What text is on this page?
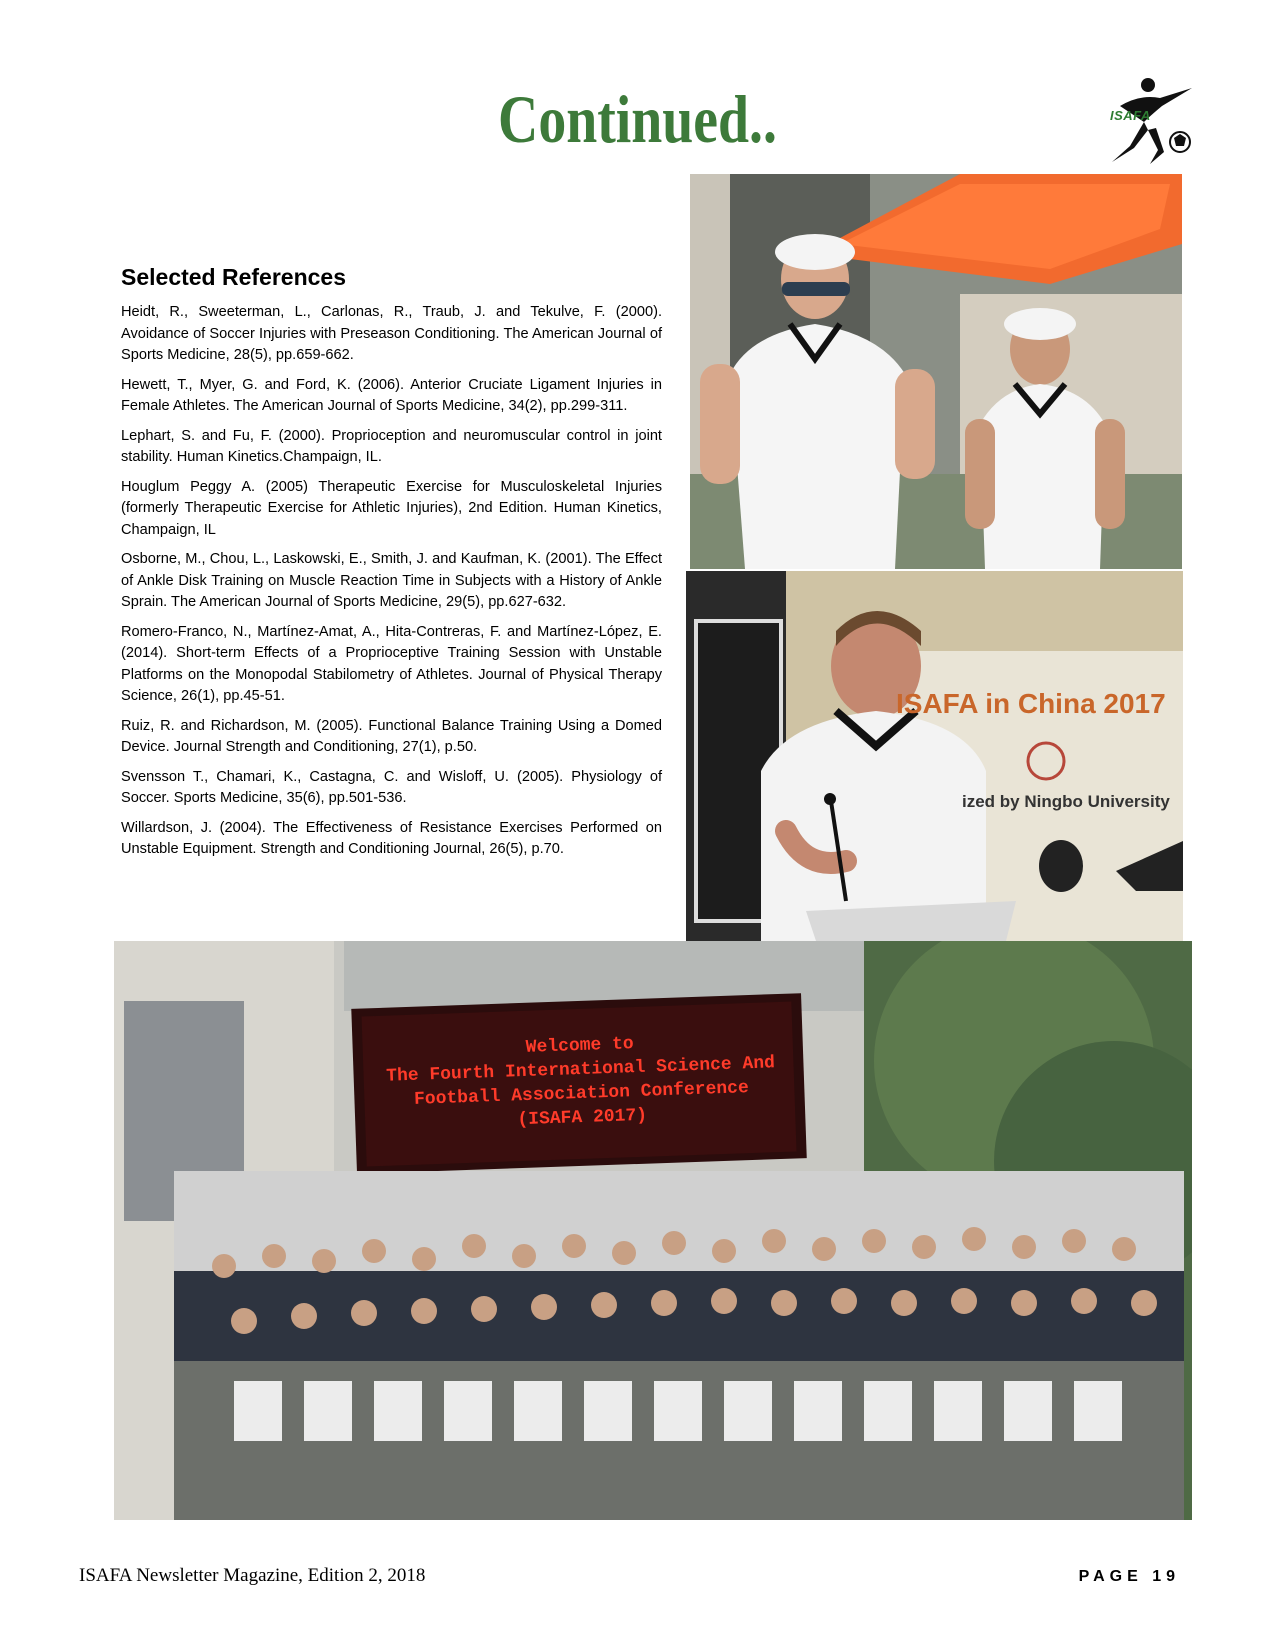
Continued..	ISAFA
Selected References

Heidt, R., Sweeterman, L., Carlonas, R., Traub, J. and Tekulve, F. (2000). Avoidance of Soccer Injuries with Preseason Conditioning. The American Journal of Sports Medicine, 28(5), pp.659-662.

Hewett, T., Myer, G. and Ford, K. (2006). Anterior Cruciate Ligament Injuries in Female Athletes. The American Journal of Sports Medicine, 34(2), pp.299-311.

Lephart, S. and Fu, F. (2000). Proprioception and neuromuscular control in joint stability. Human Kinetics.Champaign, IL.

Houglum Peggy A. (2005) Therapeutic Exercise for Musculoskeletal Injuries (formerly Therapeutic Exercise for Athletic Injuries), 2nd Edition. Human Kinetics, Champaign, IL

Osborne, M., Chou, L., Laskowski, E., Smith, J. and Kaufman, K. (2001). The Effect of Ankle Disk Training on Muscle Reaction Time in Subjects with a History of Ankle Sprain. The American Journal of Sports Medicine, 29(5), pp.627-632.

Romero-Franco, N., Martínez-Amat, A., Hita-Contreras, F. and Martínez-López, E. (2014). Short-term Effects of a Proprioceptive Training Session with Unstable Platforms on the Monopodal Stabilometry of Athletes. Journal of Physical Therapy Science, 26(1), pp.45-51.

Ruiz, R. and Richardson, M. (2005). Functional Balance Training Using a Domed Device. Journal Strength and Conditioning, 27(1), p.50.

Svensson T., Chamari, K., Castagna, C. and Wisloff, U. (2005). Physiology of Soccer. Sports Medicine, 35(6), pp.501-536.

Willardson, J. (2004). The Effectiveness of Resistance Exercises Performed on Unstable Equipment. Strength and Conditioning Journal, 26(5), p.70.

ISAFA in China 2017
ized by Ningbo University
Welcome to
The Fourth International Science And
Football Association Conference
(ISAFA 2017)
ISAFA Newsletter Magazine, Edition 2, 2018	PAGE 19
